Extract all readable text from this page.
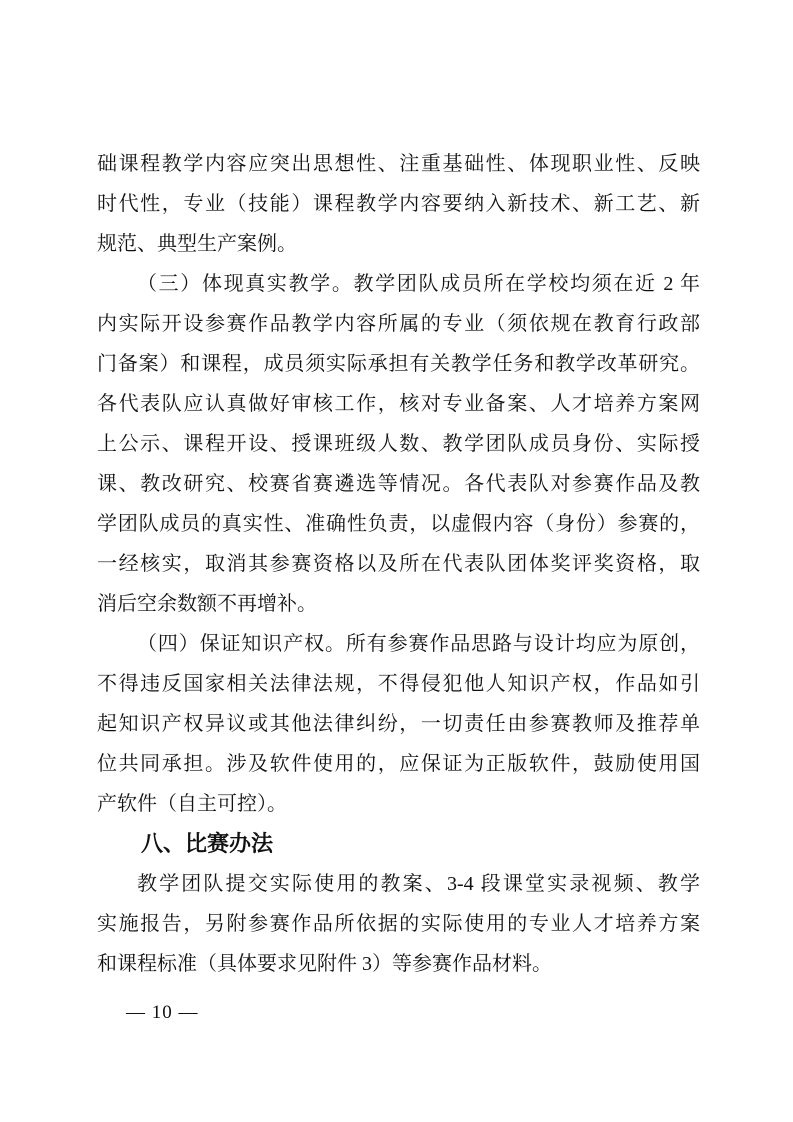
础课程教学内容应突出思想性、注重基础性、体现职业性、反映
时代性，专业（技能）课程教学内容要纳入新技术、新工艺、新
规范、典型生产案例。
（三）体现真实教学。教学团队成员所在学校均须在近 2 年
内实际开设参赛作品教学内容所属的专业（须依规在教育行政部
门备案）和课程，成员须实际承担有关教学任务和教学改革研究。
各代表队应认真做好审核工作，核对专业备案、人才培养方案网
上公示、课程开设、授课班级人数、教学团队成员身份、实际授
课、教改研究、校赛省赛遴选等情况。各代表队对参赛作品及教
学团队成员的真实性、准确性负责，以虚假内容（身份）参赛的，
一经核实，取消其参赛资格以及所在代表队团体奖评奖资格，取
消后空余数额不再增补。
（四）保证知识产权。所有参赛作品思路与设计均应为原创，
不得违反国家相关法律法规，不得侵犯他人知识产权，作品如引
起知识产权异议或其他法律纠纷，一切责任由参赛教师及推荐单
位共同承担。涉及软件使用的，应保证为正版软件，鼓励使用国
产软件（自主可控）。
八、比赛办法
教学团队提交实际使用的教案、3-4 段课堂实录视频、教学
实施报告，另附参赛作品所依据的实际使用的专业人才培养方案
和课程标准（具体要求见附件 3）等参赛作品材料。
— 10 —
